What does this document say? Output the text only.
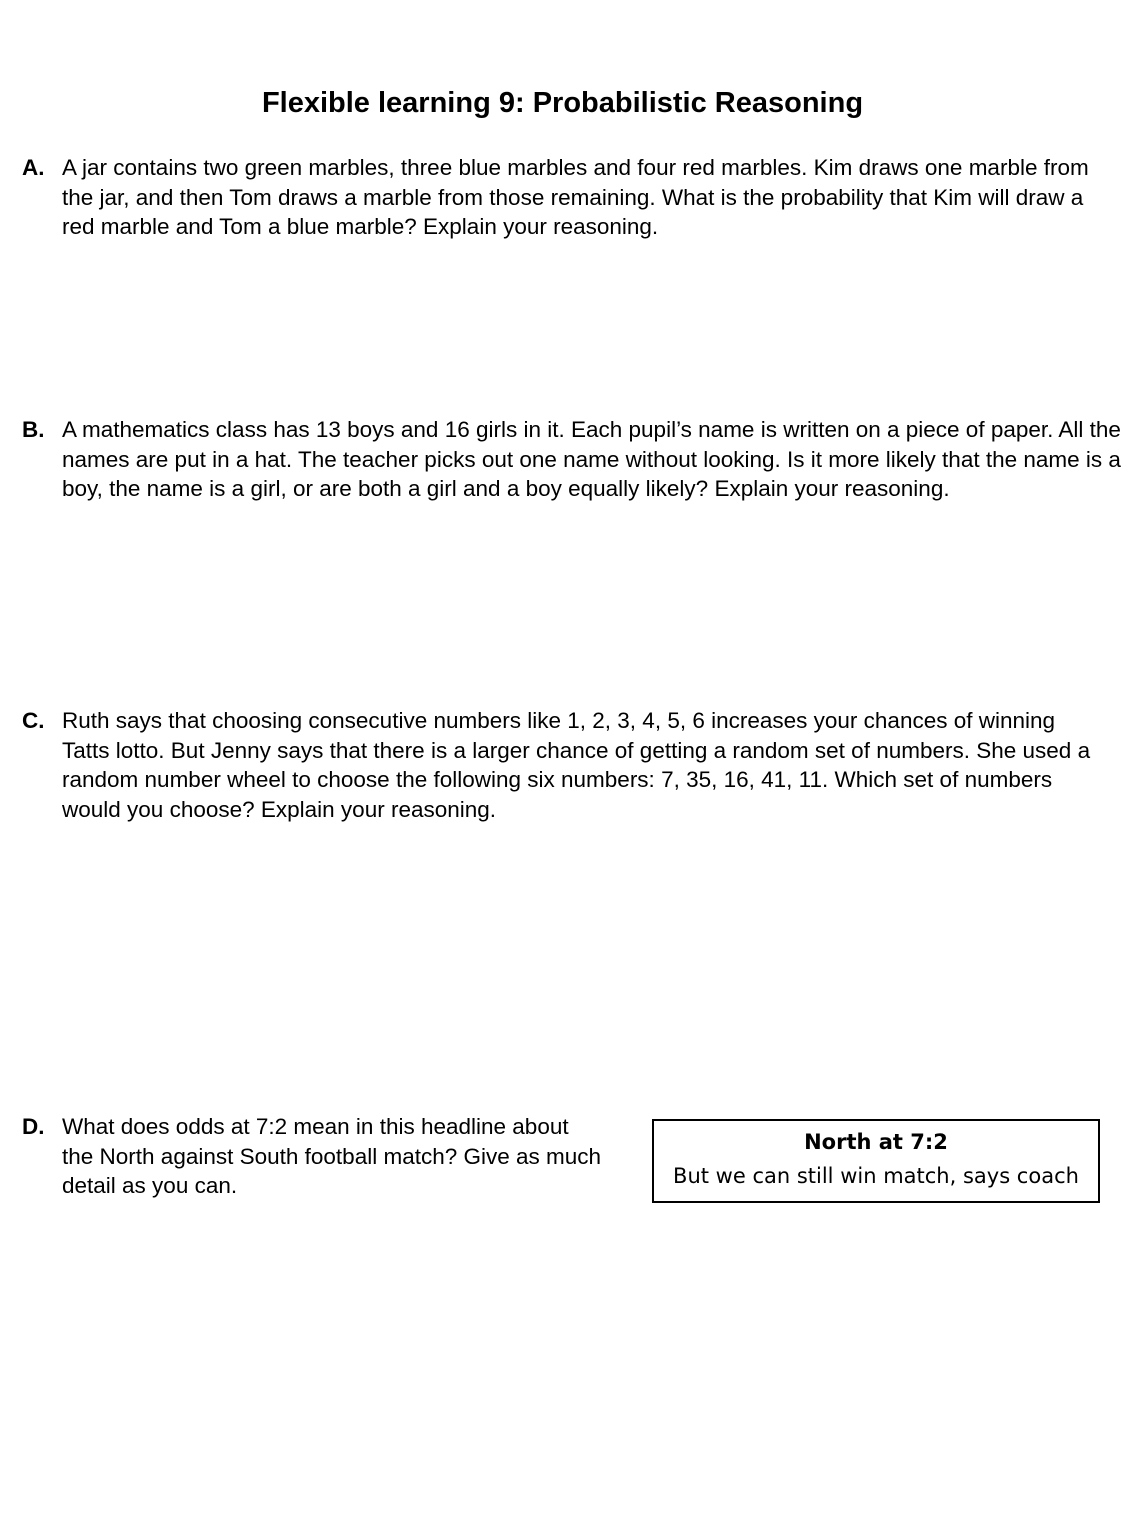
Flexible learning 9: Probabilistic Reasoning
A. A jar contains two green marbles, three blue marbles and four red marbles. Kim draws one marble from the jar, and then Tom draws a marble from those remaining. What is the probability that Kim will draw a red marble and Tom a blue marble? Explain your reasoning.
B. A mathematics class has 13 boys and 16 girls in it. Each pupil’s name is written on a piece of paper. All the names are put in a hat. The teacher picks out one name without looking. Is it more likely that the name is a boy, the name is a girl, or are both a girl and a boy equally likely? Explain your reasoning.
C. Ruth says that choosing consecutive numbers like 1, 2, 3, 4, 5, 6 increases your chances of winning Tatts lotto. But Jenny says that there is a larger chance of getting a random set of numbers. She used a random number wheel to choose the following six numbers: 7, 35, 16, 41, 11. Which set of numbers would you choose? Explain your reasoning.
D. What does odds at 7:2 mean in this headline about the North against South football match? Give as much detail as you can.
North at 7:2
But we can still win match, says coach
